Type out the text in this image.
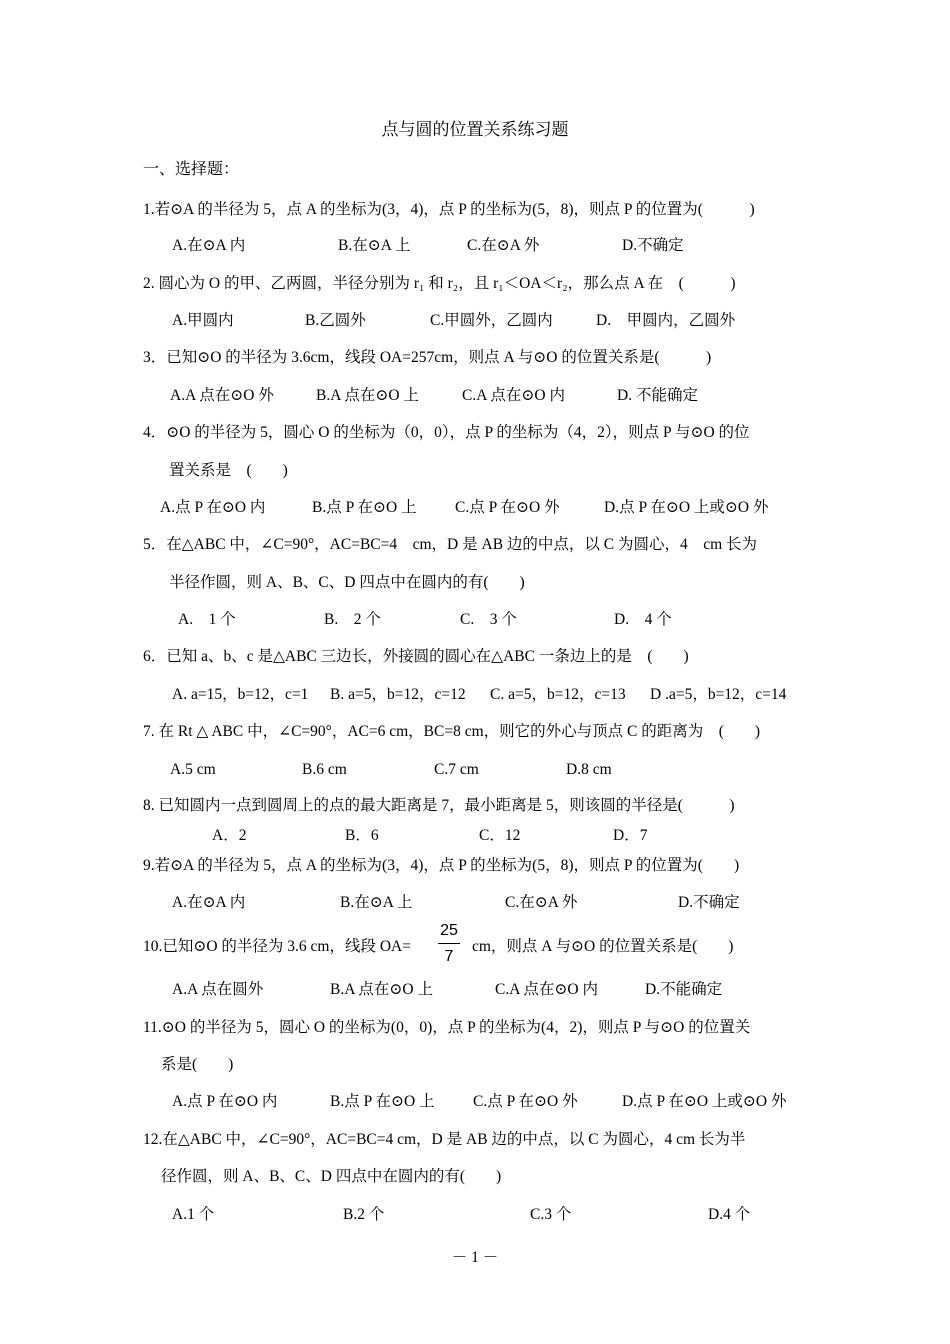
点与圆的位置关系练习题
一、选择题：
1.若⊙A 的半径为 5，点 A 的坐标为(3，4)，点 P 的坐标为(5，8)，则点 P 的位置为(　　　)
A.在⊙A 内	B.在⊙A 上	C.在⊙A 外	D.不确定
2. 圆心为 O 的甲、乙两圆，半径分别为 r₁ 和 r₂，且 r₁＜OA＜r₂，那么点 A 在　(　　　)
A.甲圆内	B.乙圆外	C.甲圆外，乙圆内	D.　甲圆内，乙圆外
3．已知⊙O 的半径为 3.6cm，线段 OA=257cm，则点 A 与⊙O 的位置关系是(　　　)
A.A 点在⊙O 外	B.A 点在⊙O 上	C.A 点在⊙O 内	D. 不能确定
4．⊙O 的半径为 5，圆心 O 的坐标为（0，0），点 P 的坐标为（4，2），则点 P 与⊙O 的位
置关系是　(　　)
A.点 P 在⊙O 内	B.点 P 在⊙O 上 C.点 P 在⊙O 外	D.点 P 在⊙O 上或⊙O 外
5．在△ABC 中，∠C=90°，AC=BC=4　cm，D 是 AB 边的中点，以 C 为圆心，4　cm 长为
半径作圆，则 A、B、C、D 四点中在圆内的有(　　)
A.　1 个	B.　2 个	C.　3 个	D.　4 个
6．已知 a、b、c 是△ABC 三边长，外接圆的圆心在△ABC 一条边上的是　(　　)
A. a=15，b=12，c=1 B. a=5，b=12，c=12 C. a=5，b=12，c=13 D .a=5，b=12，c=14
7. 在 Rt △ ABC 中，∠C=90°，AC=6 cm，BC=8 cm，则它的外心与顶点 C 的距离为　(　　)
A.5 cm	B.6 cm	C.7 cm	D.8 cm
8. 已知圆内一点到圆周上的点的最大距离是 7，最小距离是 5，则该圆的半径是(　　　)
A．2	B．6	C．12	D．7
9.若⊙A 的半径为 5，点 A 的坐标为(3，4)，点 P 的坐标为(5，8)，则点 P 的位置为(　　)
A.在⊙A 内	B.在⊙A 上	C.在⊙A 外	D.不确定
10.已知⊙O 的半径为 3.6 cm，线段 OA=
25
7
cm，则点 A 与⊙O 的位置关系是(　　)
A.A 点在圆外	B.A 点在⊙O 上	C.A 点在⊙O 内	D.不能确定
11.⊙O 的半径为 5，圆心 O 的坐标为(0，0)，点 P 的坐标为(4，2)，则点 P 与⊙O 的位置关
系是(　　)
A.点 P 在⊙O 内	B.点 P 在⊙O 上 C.点 P 在⊙O 外	D.点 P 在⊙O 上或⊙O 外
12.在△ABC 中，∠C=90°，AC=BC=4 cm，D 是 AB 边的中点，以 C 为圆心，4 cm 长为半
径作圆，则 A、B、C、D 四点中在圆内的有(　　)
A.1 个	B.2 个	C.3 个	D.4 个
－ 1 －
